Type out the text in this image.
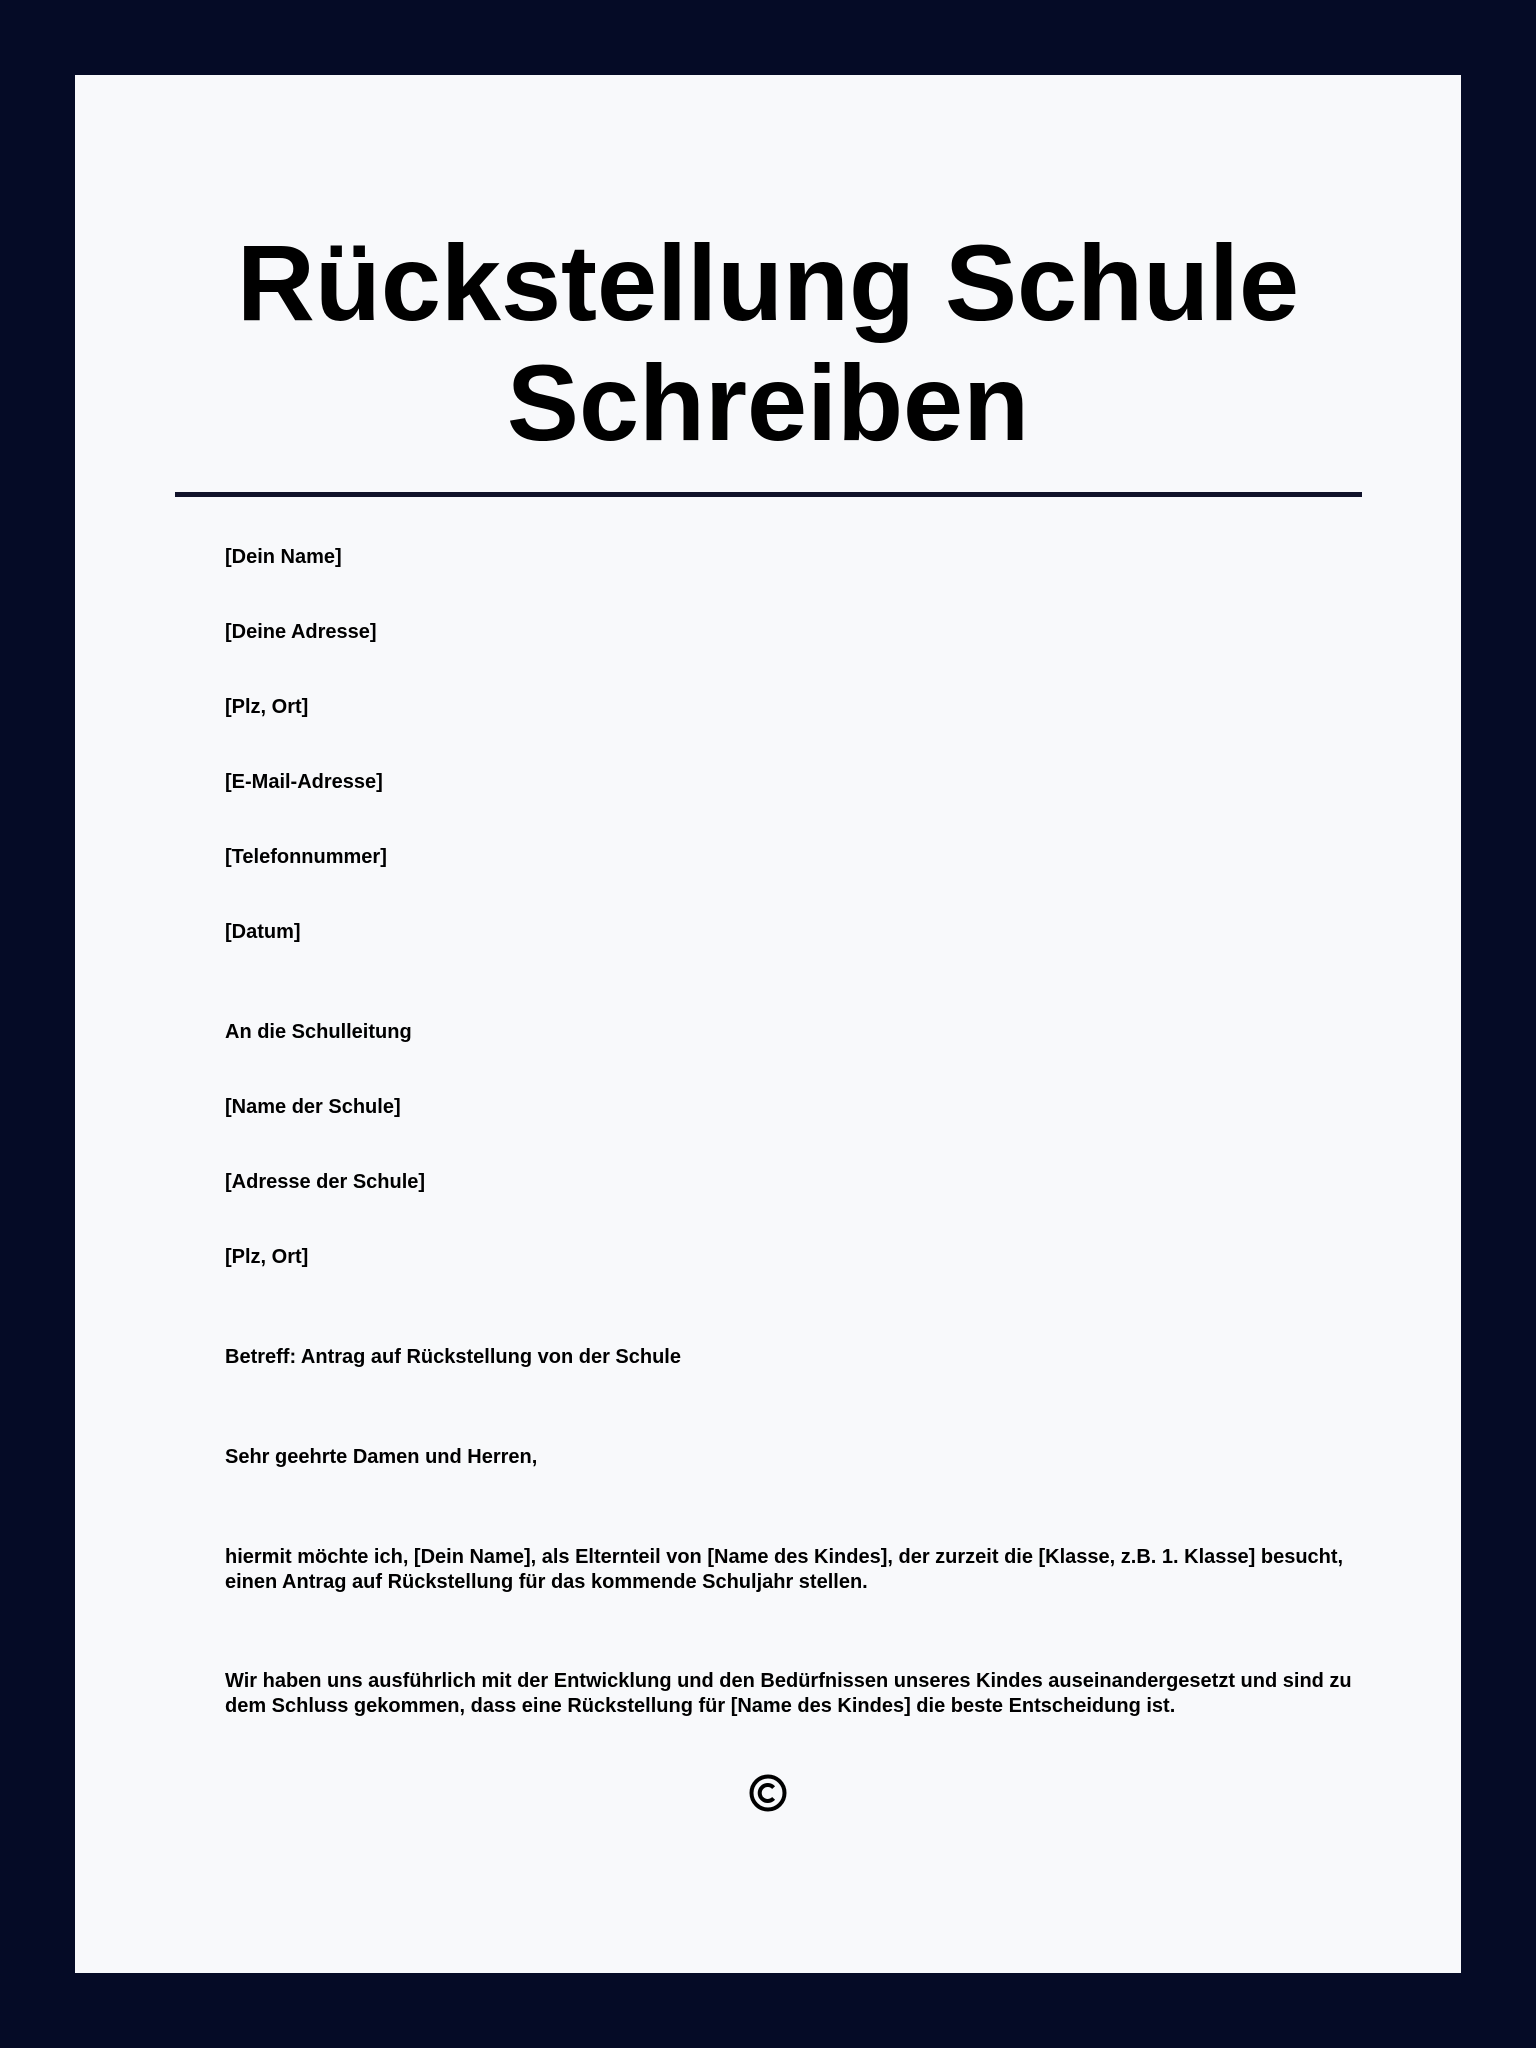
Rückstellung Schule
Schreiben

[Dein Name]

[Deine Adresse]

[Plz, Ort]

[E-Mail-Adresse]

[Telefonnummer]

[Datum]

An die Schulleitung

[Name der Schule]

[Adresse der Schule]

[Plz, Ort]

Betreff: Antrag auf Rückstellung von der Schule

Sehr geehrte Damen und Herren,

hiermit möchte ich, [Dein Name], als Elternteil von [Name des Kindes], der zurzeit die [Klasse, z.B. 1. Klasse] besucht, einen Antrag auf Rückstellung für das kommende Schuljahr stellen.

Wir haben uns ausführlich mit der Entwicklung und den Bedürfnissen unseres Kindes auseinandergesetzt und sind zu dem Schluss gekommen, dass eine Rückstellung für [Name des Kindes] die beste Entscheidung ist.
